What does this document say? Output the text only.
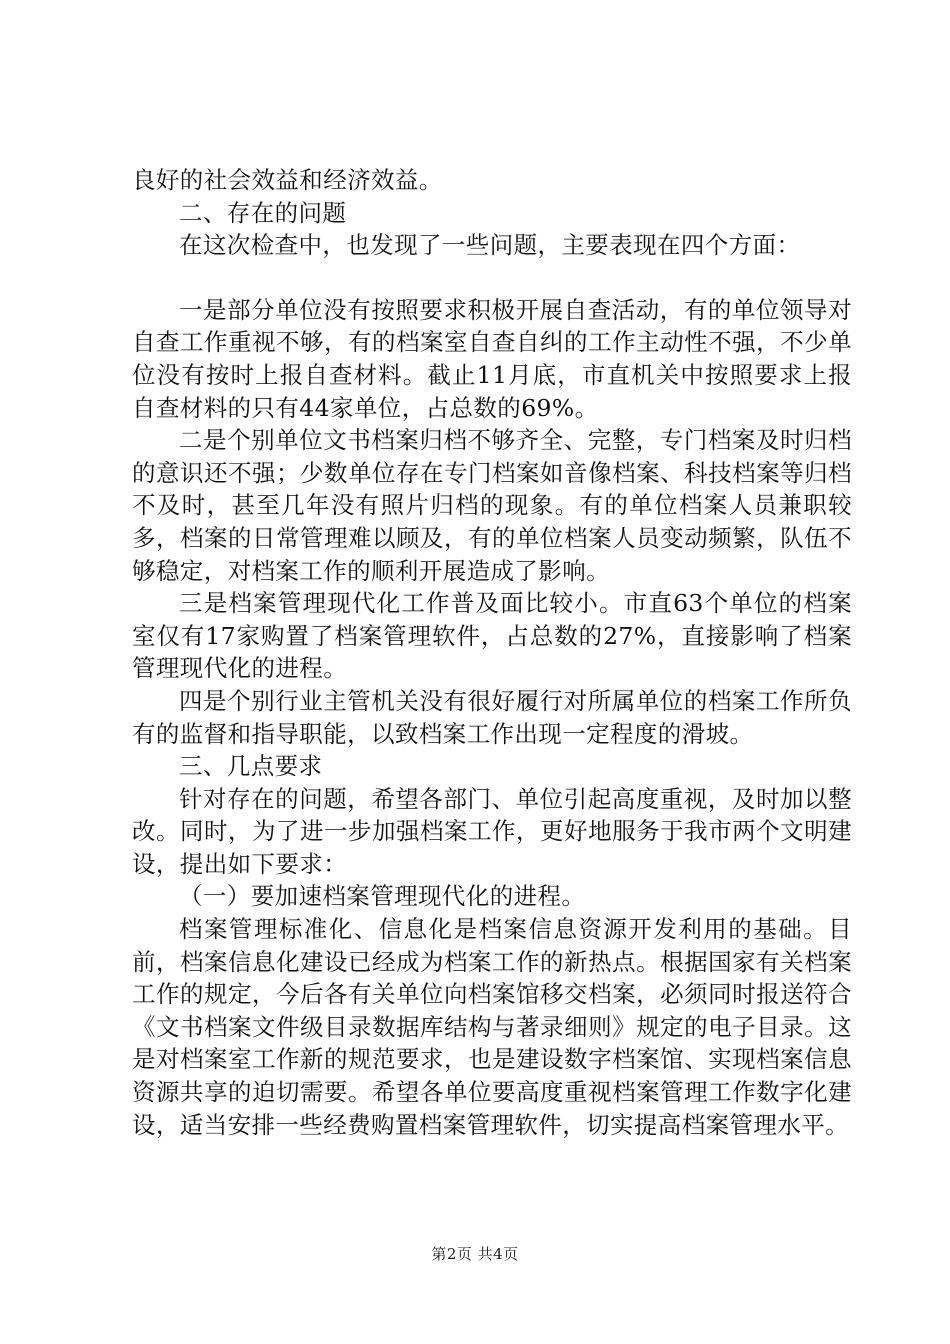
良好的社会效益和经济效益。

二、存在的问题

在这次检查中，也发现了一些问题，主要表现在四个方面：

一是部分单位没有按照要求积极开展自查活动，有的单位领导对自查工作重视不够，有的档案室自查自纠的工作主动性不强，不少单位没有按时上报自查材料。截止11月底，市直机关中按照要求上报自查材料的只有44家单位，占总数的69%。

二是个别单位文书档案归档不够齐全、完整，专门档案及时归档的意识还不强；少数单位存在专门档案如音像档案、科技档案等归档不及时，甚至几年没有照片归档的现象。有的单位档案人员兼职较多，档案的日常管理难以顾及，有的单位档案人员变动频繁，队伍不够稳定，对档案工作的顺利开展造成了影响。

三是档案管理现代化工作普及面比较小。市直63个单位的档案室仅有17家购置了档案管理软件，占总数的27%，直接影响了档案管理现代化的进程。

四是个别行业主管机关没有很好履行对所属单位的档案工作所负有的监督和指导职能，以致档案工作出现一定程度的滑坡。

三、几点要求

针对存在的问题，希望各部门、单位引起高度重视，及时加以整改。同时，为了进一步加强档案工作，更好地服务于我市两个文明建设，提出如下要求：

（一）要加速档案管理现代化的进程。

档案管理标准化、信息化是档案信息资源开发利用的基础。目前，档案信息化建设已经成为档案工作的新热点。根据国家有关档案工作的规定，今后各有关单位向档案馆移交档案，必须同时报送符合《文书档案文件级目录数据库结构与著录细则》规定的电子目录。这是对档案室工作新的规范要求，也是建设数字档案馆、实现档案信息资源共享的迫切需要。希望各单位要高度重视档案管理工作数字化建设，适当安排一些经费购置档案管理软件，切实提高档案管理水平。

第2页 共4页
